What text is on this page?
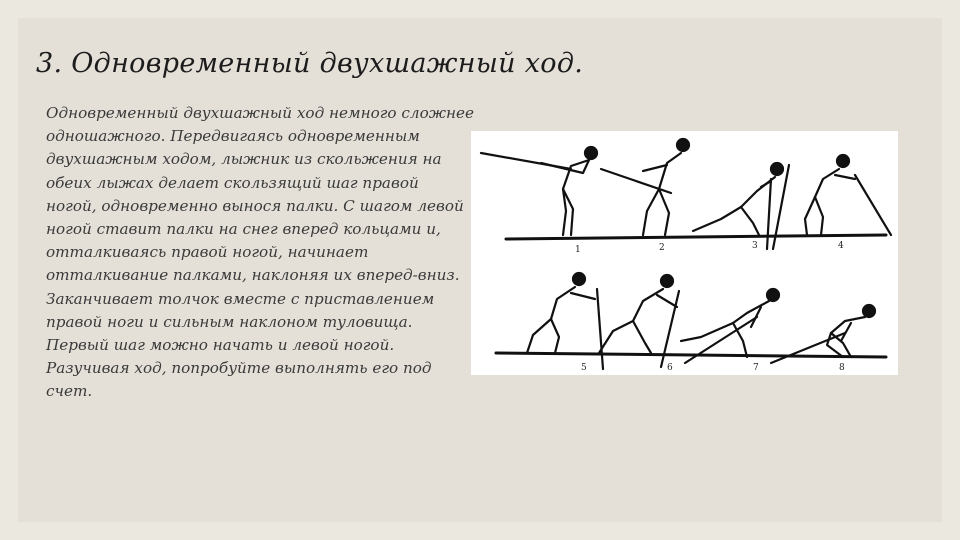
3. Одновременный двухшажный ход.

Одновременный двухшажный ход немного сложнее одношажного. Передвигаясь одновременным двухшажным ходом, лыжник из скольжения на обеих лыжах делает скользящий шаг правой ногой, одновременно вынося палки. С шагом левой ногой ставит палки на снег вперед кольцами и, отталкиваясь правой ногой, начинает отталкивание палками, наклоняя их вперед-вниз. Заканчивает толчок вместе с приставлением правой ноги и сильным наклоном туловища. Первый шаг можно начать и левой ногой. Разучивая ход, попробуйте выполнять его под счет.

1	2	3	4
5	6	7	8
